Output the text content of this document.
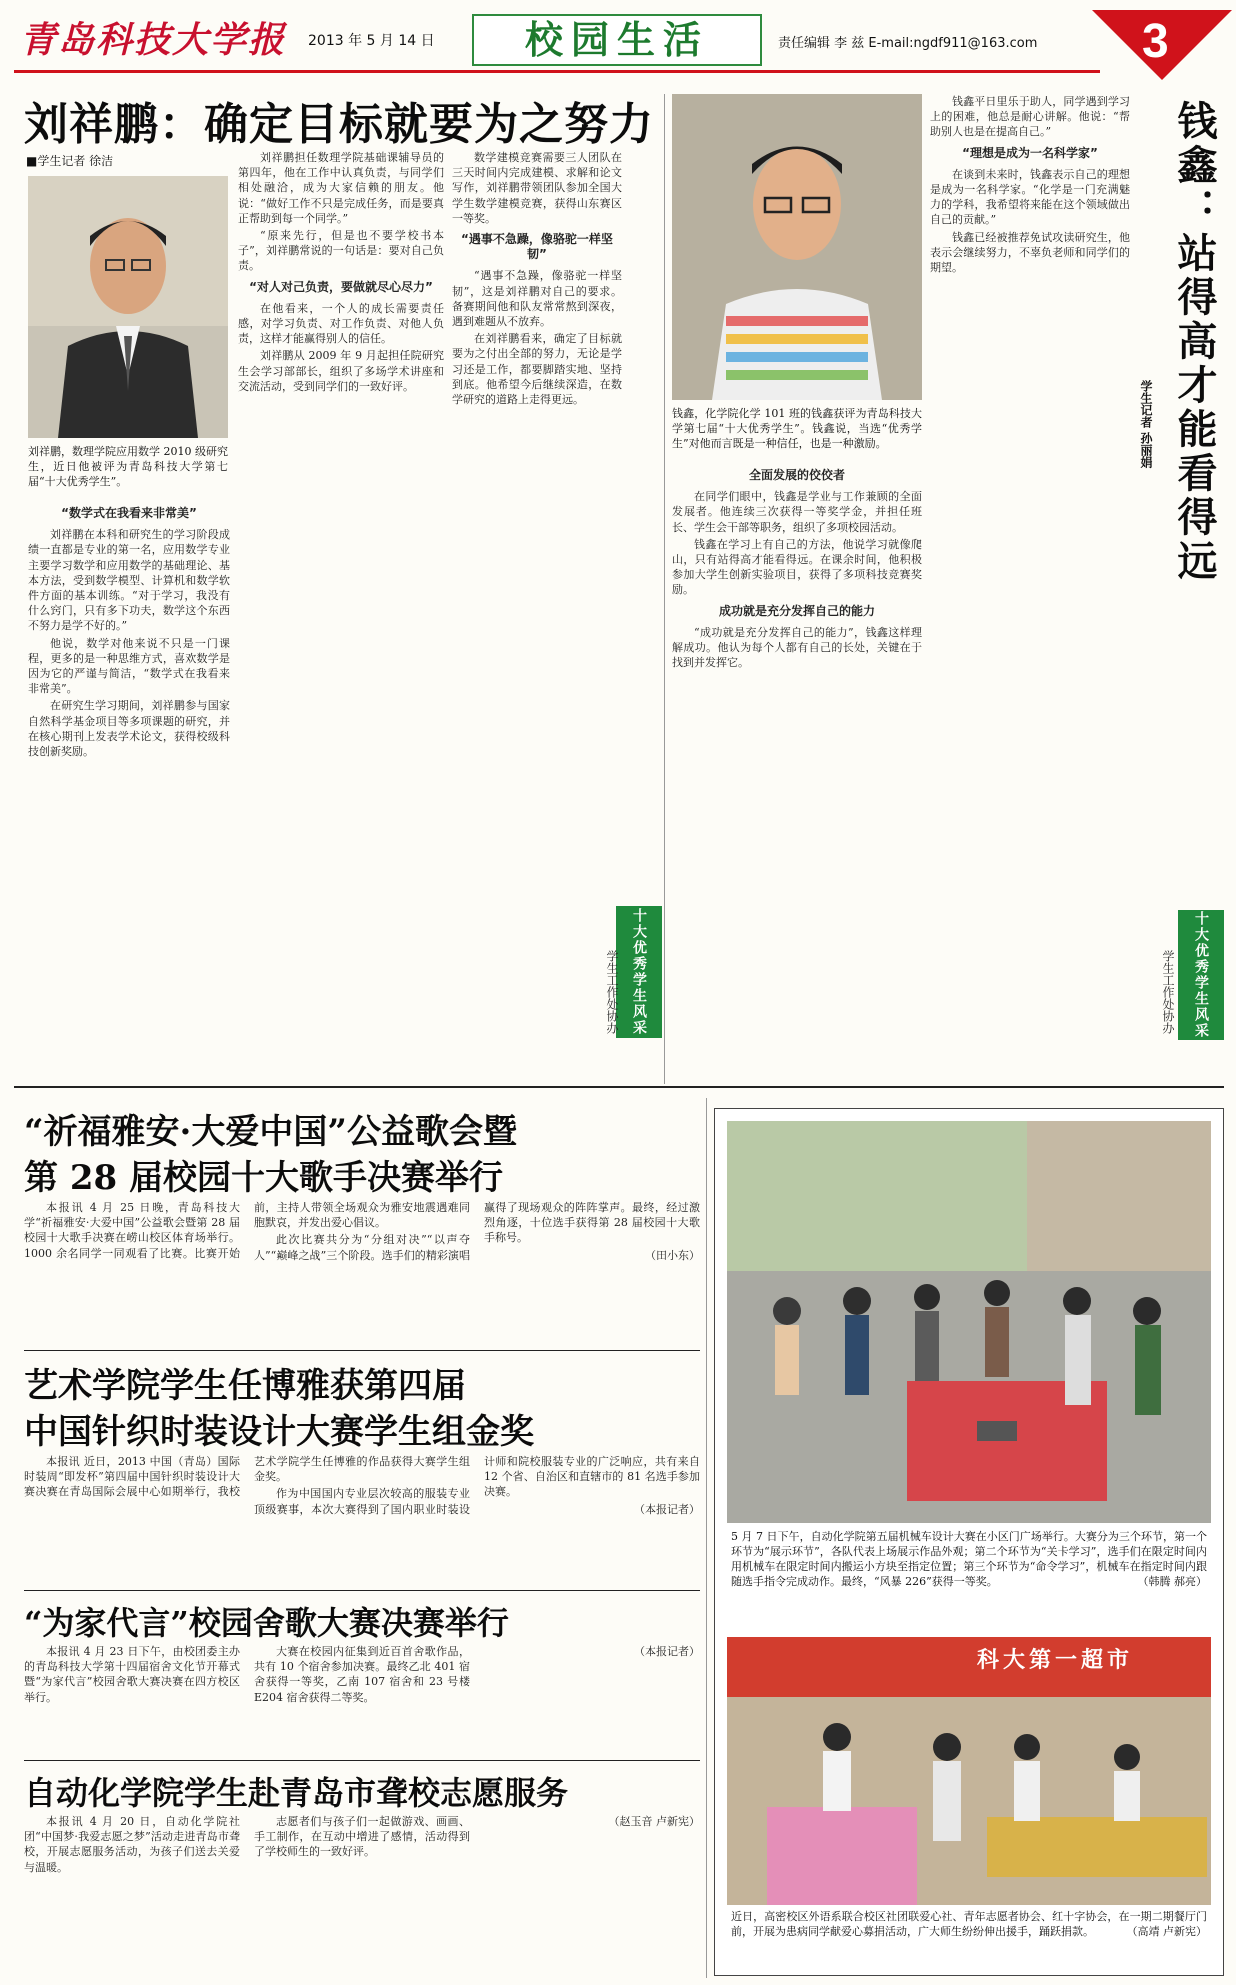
青岛科技大学报 2013 年 5 月 14 日	校园生活	责任编辑 李 兹 E-mail:ngdf911@163.com 3
刘祥鹏：确定目标就要为之努力
■学生记者 徐洁
刘祥鹏，数理学院应用数学 2010 级研究生，近日他被评为青岛科技大学第七届“十大优秀学生”。

“数学式在我看来非常美”

刘祥鹏在本科和研究生的学习阶段成绩一直都是专业的第一名，应用数学专业主要学习数学和应用数学的基础理论、基本方法，受到数学模型、计算机和数学软件方面的基本训练。“对于学习，我没有什么窍门，只有多下功夫，数学这个东西不努力是学不好的。”

他说，数学对他来说不只是一门课程，更多的是一种思维方式，喜欢数学是因为它的严谨与简洁，“数学式在我看来非常美”。

在研究生学习期间，刘祥鹏参与国家自然科学基金项目等多项课题的研究，并在核心期刊上发表学术论文，获得校级科技创新奖励。

刘祥鹏担任数理学院基础课辅导员的第四年，他在工作中认真负责，与同学们相处融洽，成为大家信赖的朋友。他说：“做好工作不只是完成任务，而是要真正帮助到每一个同学。”

“原来先行，但是也不要学校书本子”，刘祥鹏常说的一句话是：要对自己负责。

“对人对己负责，要做就尽心尽力”

在他看来，一个人的成长需要责任感，对学习负责、对工作负责、对他人负责，这样才能赢得别人的信任。

刘祥鹏从 2009 年 9 月起担任院研究生会学习部部长，组织了多场学术讲座和交流活动，受到同学们的一致好评。

数学建模竞赛需要三人团队在三天时间内完成建模、求解和论文写作，刘祥鹏带领团队参加全国大学生数学建模竞赛，获得山东赛区一等奖。

“遇事不急躁，像骆驼一样坚韧”

“遇事不急躁，像骆驼一样坚韧”，这是刘祥鹏对自己的要求。备赛期间他和队友常常熬到深夜，遇到难题从不放弃。

在刘祥鹏看来，确定了目标就要为之付出全部的努力，无论是学习还是工作，都要脚踏实地、坚持到底。他希望今后继续深造，在数学研究的道路上走得更远。

十大优秀学生风采
学生工作处协办
钱鑫，化学院化学 101 班的钱鑫获评为青岛科技大学第七届“十大优秀学生”。钱鑫说，当选“优秀学生”对他而言既是一种信任，也是一种激励。

全面发展的佼佼者

在同学们眼中，钱鑫是学业与工作兼顾的全面发展者。他连续三次获得一等奖学金，并担任班长、学生会干部等职务，组织了多项校园活动。

钱鑫在学习上有自己的方法，他说学习就像爬山，只有站得高才能看得远。在课余时间，他积极参加大学生创新实验项目，获得了多项科技竞赛奖励。

成功就是充分发挥自己的能力

“成功就是充分发挥自己的能力”，钱鑫这样理解成功。他认为每个人都有自己的长处，关键在于找到并发挥它。

钱鑫：站得高才能看得远
学生记者 孙丽娟

钱鑫平日里乐于助人，同学遇到学习上的困难，他总是耐心讲解。他说：“帮助别人也是在提高自己。”

“理想是成为一名科学家”

在谈到未来时，钱鑫表示自己的理想是成为一名科学家。“化学是一门充满魅力的学科，我希望将来能在这个领域做出自己的贡献。”

钱鑫已经被推荐免试攻读研究生，他表示会继续努力，不辜负老师和同学们的期望。

十大优秀学生风采
学生工作处协办
“祈福雅安·大爱中国”公益歌会暨
第 28 届校园十大歌手决赛举行

本报讯 4 月 25 日晚，青岛科技大学“祈福雅安·大爱中国”公益歌会暨第 28 届校园十大歌手决赛在崂山校区体育场举行。1000 余名同学一同观看了比赛。比赛开始前，主持人带领全场观众为雅安地震遇难同胞默哀，并发出爱心倡议。

此次比赛共分为“分组对决”“以声夺人”“巅峰之战”三个阶段。选手们的精彩演唱赢得了现场观众的阵阵掌声。最终，经过激烈角逐，十位选手获得第 28 届校园十大歌手称号。

（田小东）

艺术学院学生任博雅获第四届
中国针织时装设计大赛学生组金奖

本报讯 近日，2013 中国（青岛）国际时装周“即发杯”第四届中国针织时装设计大赛决赛在青岛国际会展中心如期举行，我校艺术学院学生任博雅的作品获得大赛学生组金奖。

作为中国国内专业层次较高的服装专业顶级赛事，本次大赛得到了国内职业时装设计师和院校服装专业的广泛响应，共有来自 12 个省、自治区和直辖市的 81 名选手参加决赛。

（本报记者）

“为家代言”校园舍歌大赛决赛举行

本报讯 4 月 23 日下午，由校团委主办的青岛科技大学第十四届宿舍文化节开幕式暨“为家代言”校园舍歌大赛决赛在四方校区举行。

大赛在校园内征集到近百首舍歌作品，共有 10 个宿舍参加决赛。最终乙北 401 宿舍获得一等奖，乙南 107 宿舍和 23 号楼 E204 宿舍获得二等奖。

（本报记者）

自动化学院学生赴青岛市聋校志愿服务

本报讯 4 月 20 日，自动化学院社团“中国梦·我爱志愿之梦”活动走进青岛市聋校，开展志愿服务活动，为孩子们送去关爱与温暖。

志愿者们与孩子们一起做游戏、画画、手工制作，在互动中增进了感情，活动得到了学校师生的一致好评。

（赵玉音 卢新宪）

5 月 7 日下午，自动化学院第五届机械车设计大赛在小区门广场举行。大赛分为三个环节，第一个环节为“展示环节”，各队代表上场展示作品外观；第二个环节为“关卡学习”，选手们在限定时间内用机械车在限定时间内搬运小方块至指定位置；第三个环节为“命令学习”，机械车在指定时间内跟随选手指令完成动作。最终，“风暴 226”获得一等奖。	（韩腾 郝亮）
科大第一超市
近日，高密校区外语系联合校区社团联爱心社、青年志愿者协会、红十字协会，在一期二期餐厅门前，开展为患病同学献爱心募捐活动，广大师生纷纷伸出援手，踊跃捐款。	（高靖 卢新宪）
